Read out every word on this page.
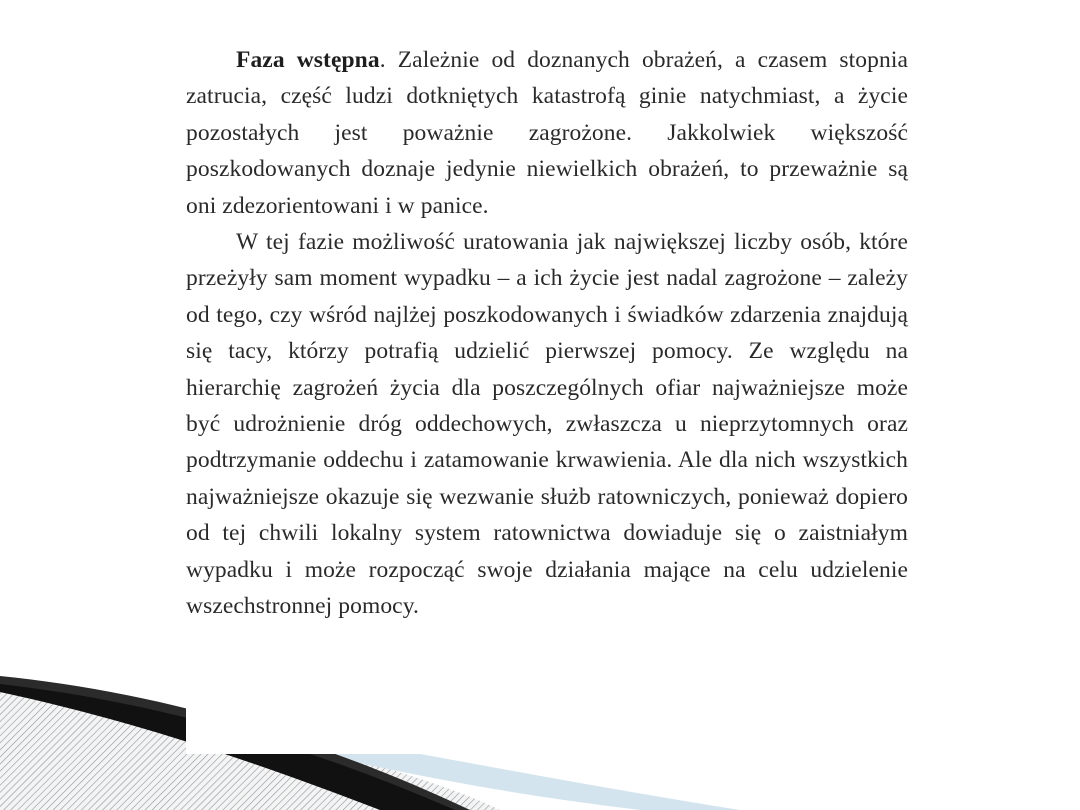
Faza wstępna. Zależnie od doznanych obrażeń, a czasem stopnia zatrucia, część ludzi dotkniętych katastrofą ginie natychmiast, a życie pozostałych jest poważnie zagrożone. Jakkolwiek większość poszkodowanych doznaje jedynie niewielkich obrażeń, to przeważnie są oni zdezorientowani i w panice.

W tej fazie możliwość uratowania jak największej liczby osób, które przeżyły sam moment wypadku – a ich życie jest nadal zagrożone – zależy od tego, czy wśród najlżej poszkodowanych i świadków zdarzenia znajdują się tacy, którzy potrafią udzielić pierwszej pomocy. Ze względu na hierarchię zagrożeń życia dla poszczególnych ofiar najważniejsze może być udrożnienie dróg oddechowych, zwłaszcza u nieprzytomnych oraz podtrzymanie oddechu i zatamowanie krwawienia. Ale dla nich wszystkich najważniejsze okazuje się wezwanie służb ratowniczych, ponieważ dopiero od tej chwili lokalny system ratownictwa dowiaduje się o zaistniałym wypadku i może rozpocząć swoje działania mające na celu udzielenie wszechstronnej pomocy.
